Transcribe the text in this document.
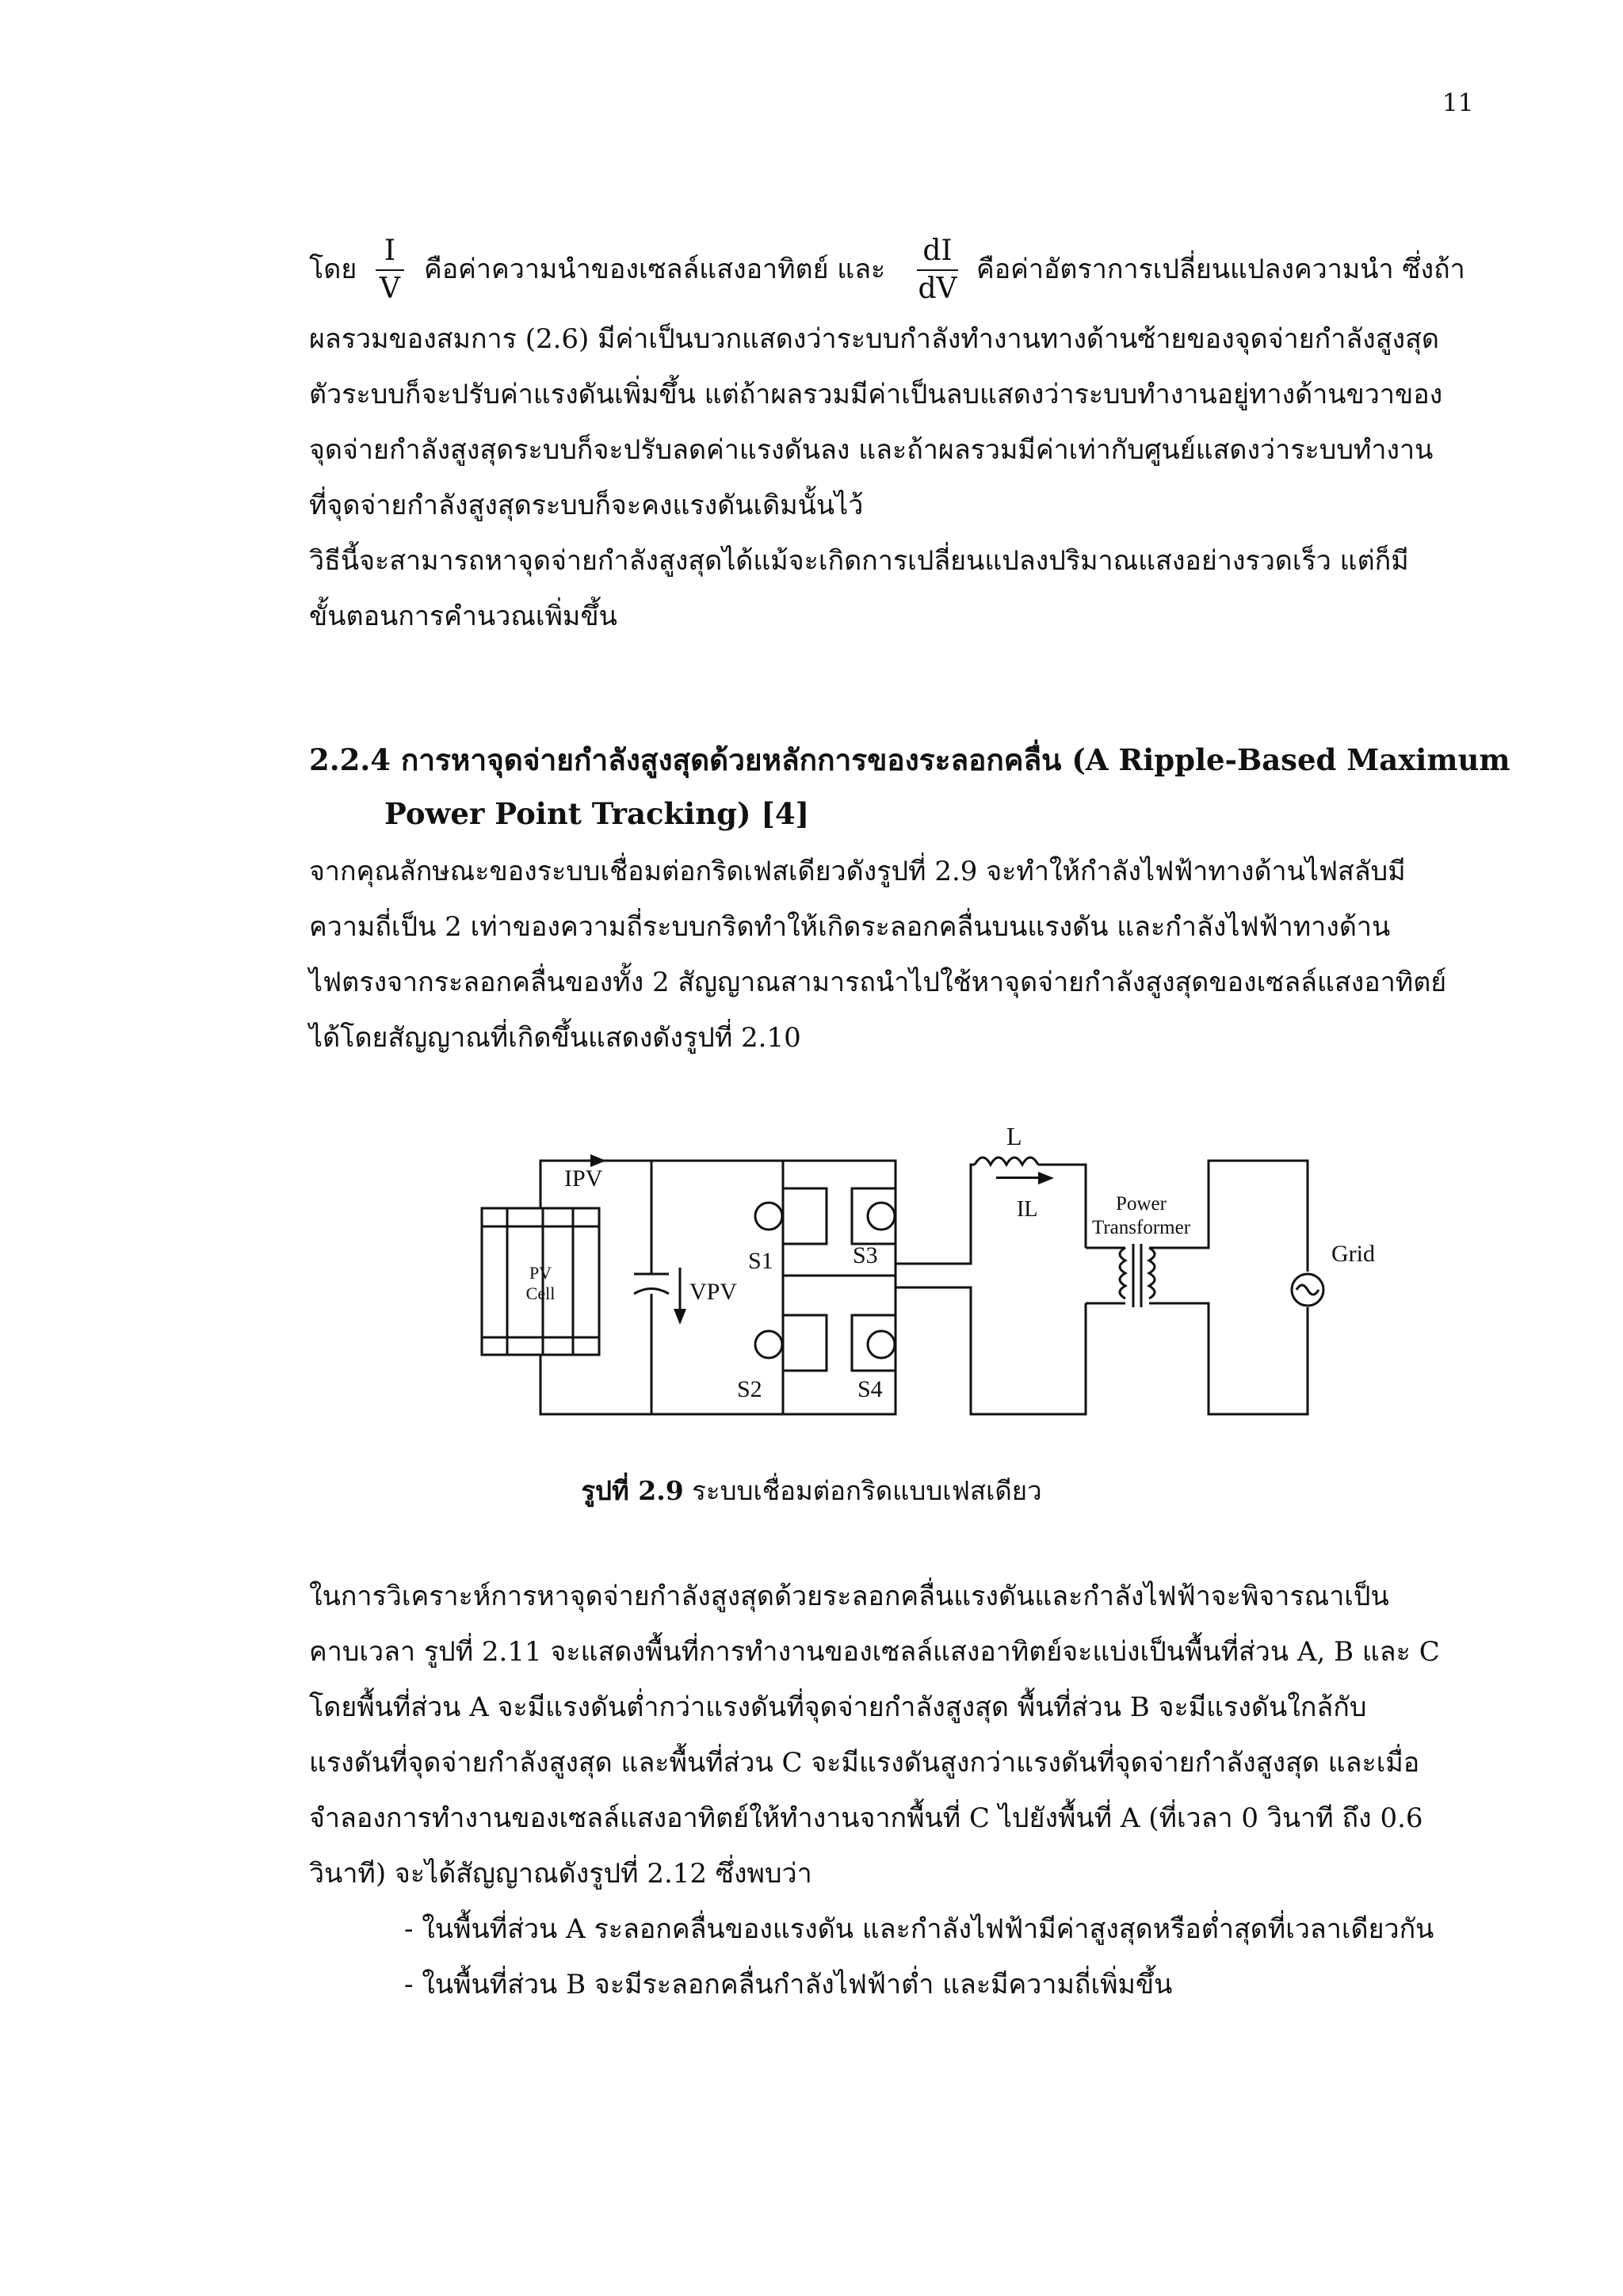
11
โดย
I
V
คือค่าความนำของเซลล์แสงอาทิตย์ และ
dI
dV
คือค่าอัตราการเปลี่ยนแปลงความนำ ซึ่งถ้า
ผลรวมของสมการ (2.6) มีค่าเป็นบวกแสดงว่าระบบกำลังทำงานทางด้านซ้ายของจุดจ่ายกำลังสูงสุด
ตัวระบบก็จะปรับค่าแรงดันเพิ่มขึ้น แต่ถ้าผลรวมมีค่าเป็นลบแสดงว่าระบบทำงานอยู่ทางด้านขวาของ
จุดจ่ายกำลังสูงสุดระบบก็จะปรับลดค่าแรงดันลง และถ้าผลรวมมีค่าเท่ากับศูนย์แสดงว่าระบบทำงาน
ที่จุดจ่ายกำลังสูงสุดระบบก็จะคงแรงดันเดิมนั้นไว้
วิธีนี้จะสามารถหาจุดจ่ายกำลังสูงสุดได้แม้จะเกิดการเปลี่ยนแปลงปริมาณแสงอย่างรวดเร็ว แต่ก็มี
ขั้นตอนการคำนวณเพิ่มขึ้น
2.2.4 การหาจุดจ่ายกำลังสูงสุดด้วยหลักการของระลอกคลื่น (A Ripple-Based Maximum
Power Point Tracking) [4]
จากคุณลักษณะของระบบเชื่อมต่อกริดเฟสเดียวดังรูปที่ 2.9 จะทำให้กำลังไฟฟ้าทางด้านไฟสลับมี
ความถี่เป็น 2 เท่าของความถี่ระบบกริดทำให้เกิดระลอกคลื่นบนแรงดัน และกำลังไฟฟ้าทางด้าน
ไฟตรงจากระลอกคลื่นของทั้ง 2 สัญญาณสามารถนำไปใช้หาจุดจ่ายกำลังสูงสุดของเซลล์แสงอาทิตย์
ได้โดยสัญญาณที่เกิดขึ้นแสดงดังรูปที่ 2.10
IPV
PV
Cell	VPV
S1	S3
S2	S4
L
IL	Power
Transformer
Grid
รูปที่ 2.9 ระบบเชื่อมต่อกริดแบบเฟสเดียว
ในการวิเคราะห์การหาจุดจ่ายกำลังสูงสุดด้วยระลอกคลื่นแรงดันและกำลังไฟฟ้าจะพิจารณาเป็น
คาบเวลา รูปที่ 2.11 จะแสดงพื้นที่การทำงานของเซลล์แสงอาทิตย์จะแบ่งเป็นพื้นที่ส่วน A, B และ C
โดยพื้นที่ส่วน A จะมีแรงดันต่ำกว่าแรงดันที่จุดจ่ายกำลังสูงสุด พื้นที่ส่วน B จะมีแรงดันใกล้กับ
แรงดันที่จุดจ่ายกำลังสูงสุด และพื้นที่ส่วน C จะมีแรงดันสูงกว่าแรงดันที่จุดจ่ายกำลังสูงสุด และเมื่อ
จำลองการทำงานของเซลล์แสงอาทิตย์ให้ทำงานจากพื้นที่ C ไปยังพื้นที่ A (ที่เวลา 0 วินาที ถึง 0.6
วินาที) จะได้สัญญาณดังรูปที่ 2.12 ซึ่งพบว่า
- ในพื้นที่ส่วน A ระลอกคลื่นของแรงดัน และกำลังไฟฟ้ามีค่าสูงสุดหรือต่ำสุดที่เวลาเดียวกัน
- ในพื้นที่ส่วน B จะมีระลอกคลื่นกำลังไฟฟ้าต่ำ และมีความถี่เพิ่มขึ้น
